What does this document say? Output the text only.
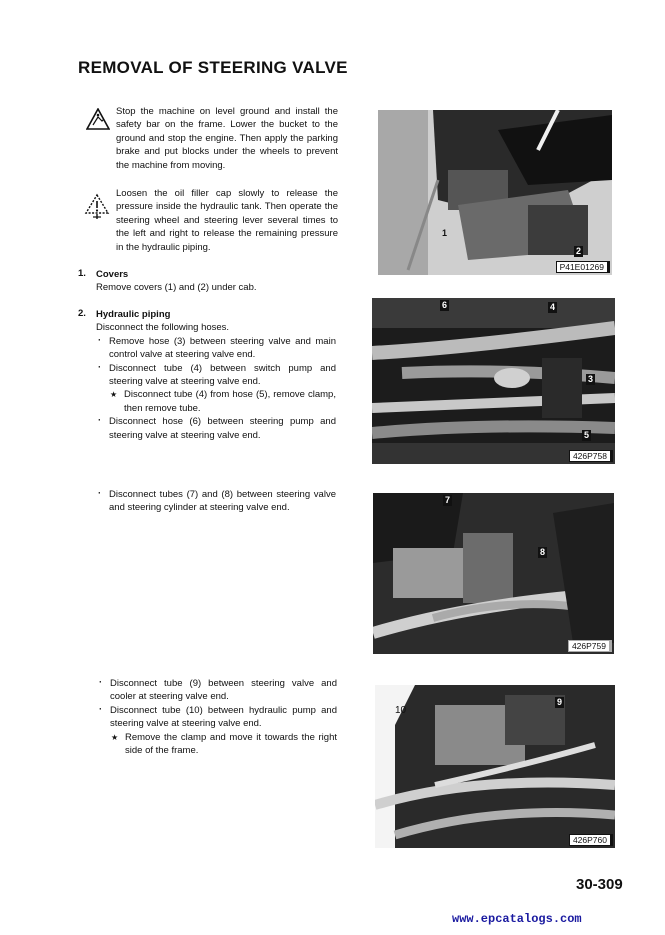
REMOVAL OF STEERING VALVE
Stop the machine on level ground and install the safety bar on the frame. Lower the bucket to the ground and stop the engine. Then apply the parking brake and put blocks under the wheels to prevent the machine from moving.
Loosen the oil filler cap slowly to release the pressure inside the hydraulic tank. Then operate the steering wheel and steering lever several times to the left and right to release the remaining pressure in the hydraulic piping.
1. Covers
Remove covers (1) and (2) under cab.
2. Hydraulic piping
Disconnect the following hoses.
· Remove hose (3) between steering valve and main control valve at steering valve end.
· Disconnect tube (4) between switch pump and steering valve at steering valve end.
★ Disconnect tube (4) from hose (5), remove clamp, then remove tube.
· Disconnect hose (6) between steering pump and steering valve at steering valve end.
· Disconnect tubes (7) and (8) between steering valve and steering cylinder at steering valve end.
· Disconnect tube (9) between steering valve and cooler at steering valve end.
· Disconnect tube (10) between hydraulic pump and steering valve at steering valve end.
★ Remove the clamp and move it towards the right side of the frame.
1
2
P41E01269
6	4
3
5
426P758
7
8
426P759
10
9
426P760
30-309
www.epcatalogs.com
